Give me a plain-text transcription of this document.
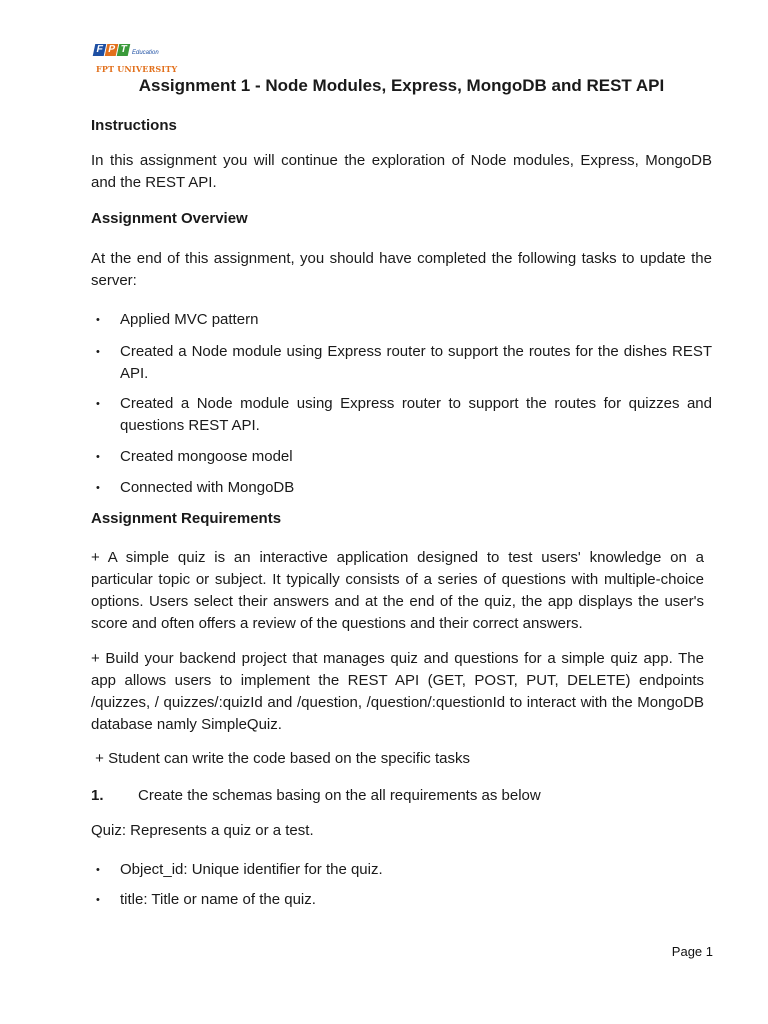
F P T Education
FPT UNIVERSITY
Assignment 1 - Node Modules, Express, MongoDB and REST API
Instructions

In this assignment you will continue the exploration of Node modules, Express, MongoDB and the REST API.

Assignment Overview

At the end of this assignment, you should have completed the following tasks to update the server:

• Applied MVC pattern
• Created a Node module using Express router to support the routes for the dishes REST API.
• Created a Node module using Express router to support the routes for quizzes and questions REST API.
• Created mongoose model
• Connected with MongoDB
Assignment Requirements

+ A simple quiz is an interactive application designed to test users' knowledge on a particular topic or subject. It typically consists of a series of questions with multiple-choice options. Users select their answers and at the end of the quiz, the app displays the user's score and often offers a review of the questions and their correct answers.

+ Build your backend project that manages quiz and questions for a simple quiz app. The app allows users to implement the REST API (GET, POST, PUT, DELETE) endpoints /quizzes, / quizzes/:quizId and /question, /question/:questionId to interact with the MongoDB database namly SimpleQuiz.

+ Student can write the code based on the specific tasks

1. Create the schemas basing on the all requirements as below

Quiz: Represents a quiz or a test.

• Object_id: Unique identifier for the quiz.
• title: Title or name of the quiz.
Page 1
